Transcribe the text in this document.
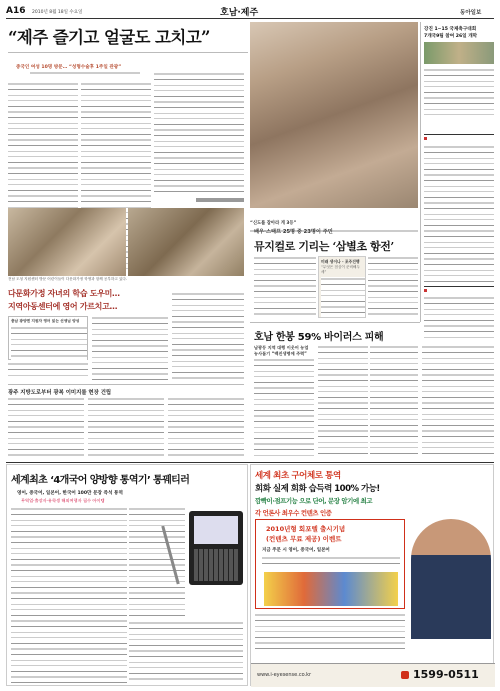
A16 2010년 8월 18일 수요일	호남·제주	동아일보
“제주 즐기고 얼굴도 고치고”
중국인 여성 10명 방문… “성형수술후 1주일 관광”
“신도를 잡아라 게 3등”
강진 1~15 국제축구대회
7개국9팀 참여 26일 개막
배우·스태프 25명 중 23명이 주민
뮤지컬로 기리는 ‘삼별초 항전’
미래 생이나 - 포주진행
“무엇은 점심이 준비해두세”
전남 도청 지원센터 방문 어린이들이 다문화가정 학생과 함께 공부하고 있다.
다문화가정 자녀의 학습 도우미…
지역아동센터에 영어 가르치고…
충남 광양엔 지원자 영어 읽는 선생님 양성
호남 한봉 59% 바이러스 피해
남광등 지역 대행 이웃어 농업
농사돕기 “백진생명에 주력”
광주 지방도로부터 광복 이미지를 현장 건립
세계최초 ‘4개국어 양방향 통역기’ 통꿰티러
영어, 중국어, 일본어, 한국어 100만 문장 즉석 통역
무역업·출장자·유학생 해외여행자 필수 아이템
세계 최초 구어체로 통역
회화 실제 회화 습득력 100% 가능!
깜빡이·점프기능 으로 단어, 문장 암기에 최고
각 언론사 최우수 컨텐츠 인증
2010년형 회포텔 출시기념
(컨텐츠 무료 제공) 이벤트
지금 주문 시 영어, 중국어, 일본어
www.i-eyesense.co.kr	1599-0511
